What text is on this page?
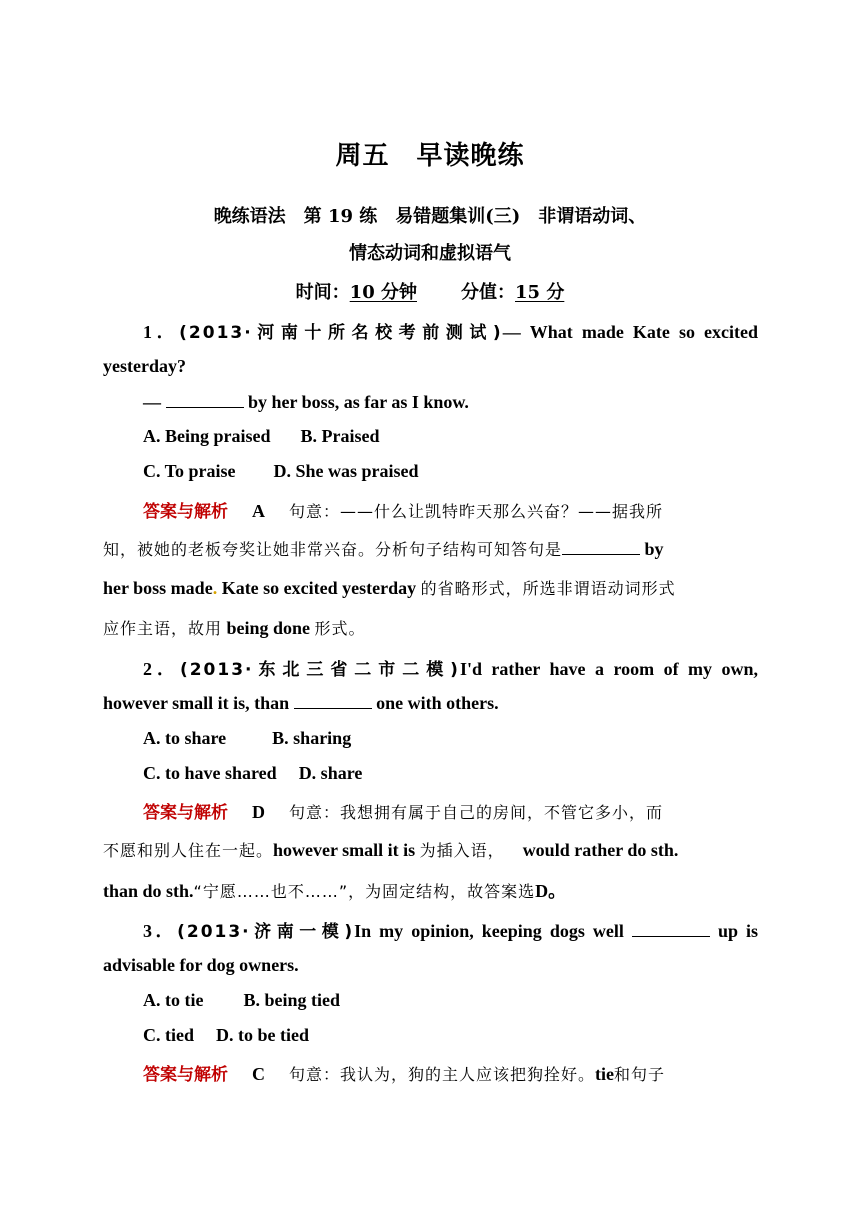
周五　早读晚练
晚练语法　第 19 练　易错题集训(三)　非谓语动词、
情态动词和虚拟语气
时间：10 分钟 分值：15 分
1．(2013·河南十所名校考前测试)— What made Kate so excited
yesterday?
—	by her boss, as far as I know.
A. Being praised B. Praised
C. To praise D. She was praised
答案与解析 A 句意：——什么让凯特昨天那么兴奋？——据我所
知，被她的老板夸奖让她非常兴奋。分析句子结构可知答句是	by
her boss made. Kate so excited yesterday 的省略形式，所选非谓语动词形式
应作主语，故用 being done 形式。
2．(2013·东北三省二市二模)I'd rather have a room of my own,
however small it is, than	one with others.
A. to share	B. sharing
C. to have shared D. share
答案与解析 D 句意：我想拥有属于自己的房间，不管它多小，而
不愿和别人住在一起。however small it is 为插入语， would rather do sth.
than do sth.“宁愿……也不……”，为固定结构，故答案选D。
3．(2013·济南一模)In my opinion, keeping dogs well	up is
advisable for dog owners.
A. to tie B. being tied
C. tied D. to be tied
答案与解析 C 句意：我认为，狗的主人应该把狗拴好。tie和句子
